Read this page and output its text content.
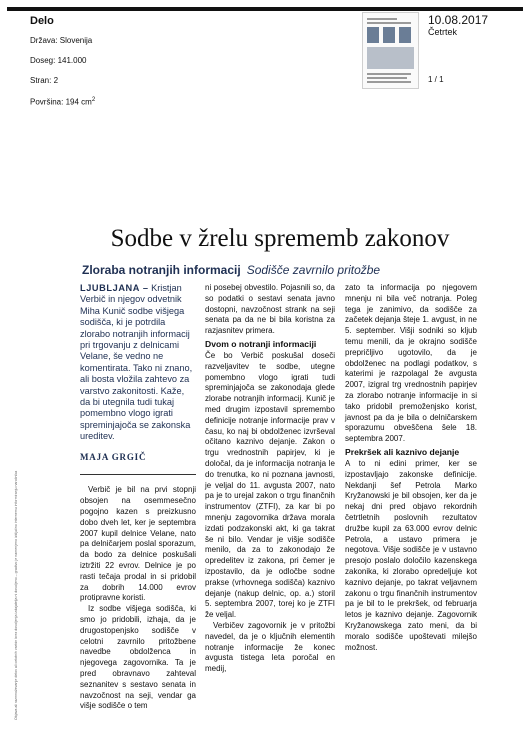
Delo
Država: Slovenija
Doseg: 141.000
Stran: 2
Površina: 194 $cm^2$
10.08.2017
Četrtek
1 / 1
Objava ali razmnoževanje delov ali celotnih vsebin brez dovoljenja izdajatelja ni dovoljeno – gradivo je namenjeno izključno internemu informiranju naročnika
Sodbe v žrelu sprememb zakonov
Zloraba notranjih informacij Sodišče zavrnilo pritožbe

LJUBLJANA – Kristjan Verbič in njegov odvetnik Miha Kunič sodbe višjega sodišča, ki je potrdila zlorabo notranjih informacij pri trgovanju z delnicami Velane, še vedno ne komentirata. Tako ni znano, ali bosta vložila zahtevo za varstvo zakonitosti. Kaže, da bi utegnila tudi tukaj pomembno vlogo igrati spreminjajoča se zakonska ureditev.

MAJA GRGIČ

Verbič je bil na prvi stopnji obsojen na osemmesečno pogojno kazen s preizkusno dobo dveh let, ker je septembra 2007 kupil delnice Velane, nato pa delničarjem poslal sporazum, da bodo za delnice poskušali iztržiti 22 evrov. Delnice je po rasti tečaja prodal in si pridobil za dobrih 14.000 evrov protipravne koristi.

Iz sodbe višjega sodišča, ki smo jo pridobili, izhaja, da je drugostopenjsko sodišče v celotni zavrnilo pritožbene navedbe obdolženca in njegovega zagovornika. Ta je pred obravnavo zahteval seznanitev s sestavo senata in navzočnost na seji, vendar ga višje sodišče o tem

ni posebej obvestilo. Pojasnili so, da so podatki o sestavi senata javno dostopni, navzočnost strank na seji senata pa da ne bi bila koristna za razjasnitev primera.

Dvom o notranji informaciji

Če bo Verbič poskušal doseči razveljavitev te sodbe, utegne pomembno vlogo igrati tudi spreminjajoča se zakonodaja glede zlorabe notranjih informacij. Kunič je med drugim izpostavil spremembo definicije notranje informacije prav v času, ko naj bi obdolženec izvrševal očitano kaznivo dejanje. Zakon o trgu vrednostnih papirjev, ki je določal, da je informacija notranja le do trenutka, ko ni poznana javnosti, je veljal do 11. avgusta 2007, nato pa je to urejal zakon o trgu finančnih instrumentov (ZTFI), za kar bi po mnenju zagovornika država morala izdati podzakonski akt, ki ga takrat še ni bilo. Vendar je višje sodišče menilo, da za to zakonodajo že opredelitev iz zakona, pri čemer je izpostavilo, da je odločbe sodne prakse (vrhovnega sodišča) kaznivo dejanje (nakup delnic, op. a.) storil 5. septembra 2007, torej ko je ZTFI že veljal.

Verbičev zagovornik je v pritožbi navedel, da je o ključnih elementih notranje informacije že konec avgusta tistega leta poročal en medij,

zato ta informacija po njegovem mnenju ni bila več notranja. Poleg tega je zanimivo, da sodišče za začetek dejanja šteje 1. avgust, in ne 5. september. Višji sodniki so kljub temu menili, da je okrajno sodišče prepričljivo ugotovilo, da je obdolženec na podlagi podatkov, s katerimi je razpolagal že avgusta 2007, izigral trg vrednostnih papirjev za zlorabo notranje informacije in si tako pridobil premoženjsko korist, javnost pa da je bila o delničarskem sporazumu obveščena šele 18. septembra 2007.

Prekršek ali kaznivo dejanje

A to ni edini primer, ker se izpostavljajo zakonske definicije. Nekdanji šef Petrola Marko Kryžanowski je bil obsojen, ker da je nekaj dni pred objavo rekordnih četrtletnih poslovnih rezultatov družbe kupil za 63.000 evrov delnic Petrola, a ustavo primera je negotova. Višje sodišče je v ustavno presojo poslalo določilo kazenskega zakonika, ki zlorabo opredeljuje kot kaznivo dejanje, po takrat veljavnem zakonu o trgu finančnih instrumentov pa je bil to le prekršek, od februarja letos je kaznivo dejanje. Zagovornik Kryžanowskega zato meni, da bi moralo sodišče upoštevati milejšo možnost.
